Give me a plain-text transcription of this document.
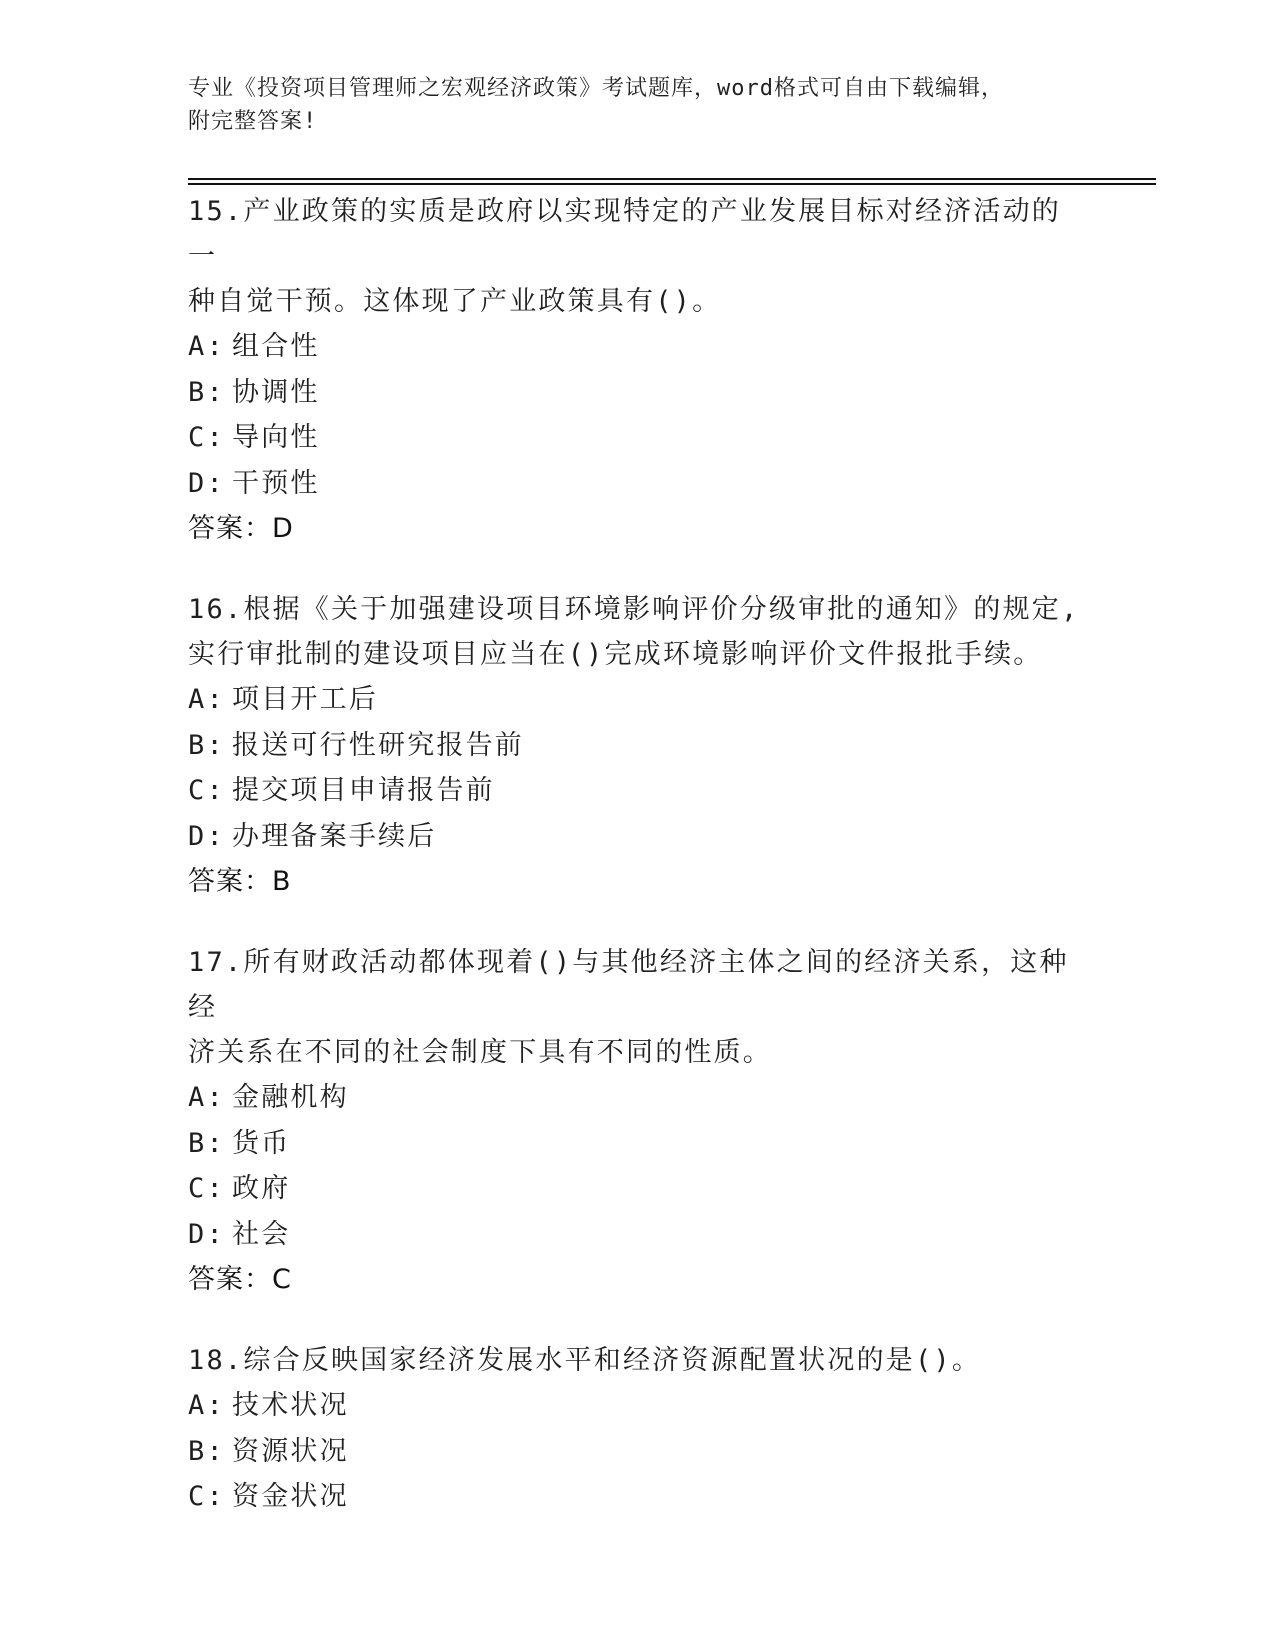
专业《投资项目管理师之宏观经济政策》考试题库，word格式可自由下载编辑，
附完整答案!
15.产业政策的实质是政府以实现特定的产业发展目标对经济活动的一
种自觉干预。这体现了产业政策具有()。
A: 组合性
B: 协调性
C: 导向性
D: 干预性
答案：D
16.根据《关于加强建设项目环境影响评价分级审批的通知》的规定,
实行审批制的建设项目应当在()完成环境影响评价文件报批手续。
A: 项目开工后
B: 报送可行性研究报告前
C: 提交项目申请报告前
D: 办理备案手续后
答案：B
17.所有财政活动都体现着()与其他经济主体之间的经济关系，这种经
济关系在不同的社会制度下具有不同的性质。
A: 金融机构
B: 货币
C: 政府
D: 社会
答案：C
18.综合反映国家经济发展水平和经济资源配置状况的是()。
A: 技术状况
B: 资源状况
C: 资金状况
